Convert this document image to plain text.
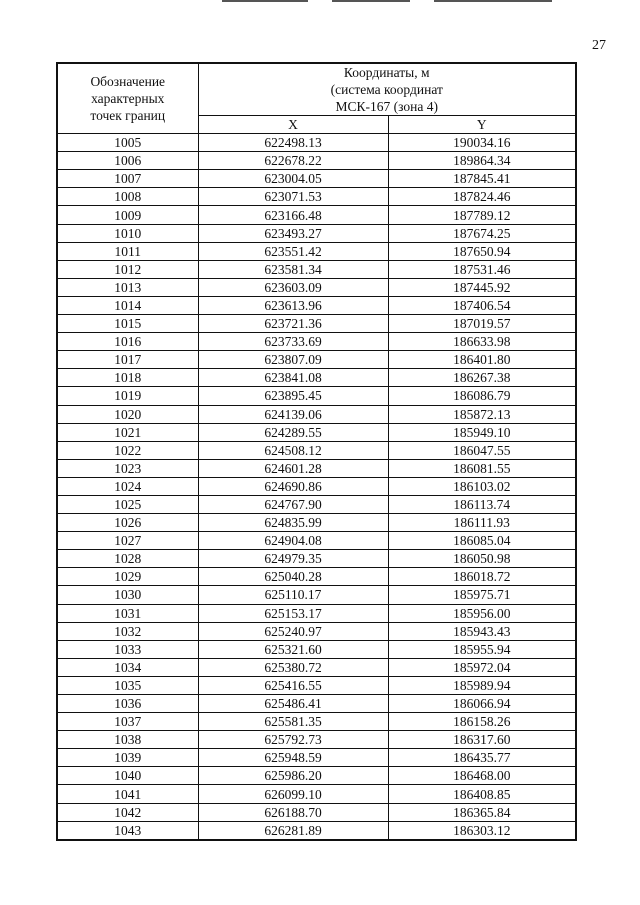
27
Обозначение
характерных
точек границ	Координаты, м
(система координат
МСК-167 (зона 4)	

	X	Y
1005	622498.13	190034.16
1006	622678.22	189864.34
1007	623004.05	187845.41
1008	623071.53	187824.46
1009	623166.48	187789.12
1010	623493.27	187674.25
1011	623551.42	187650.94
1012	623581.34	187531.46
1013	623603.09	187445.92
1014	623613.96	187406.54
1015	623721.36	187019.57
1016	623733.69	186633.98
1017	623807.09	186401.80
1018	623841.08	186267.38
1019	623895.45	186086.79
1020	624139.06	185872.13
1021	624289.55	185949.10
1022	624508.12	186047.55
1023	624601.28	186081.55
1024	624690.86	186103.02
1025	624767.90	186113.74
1026	624835.99	186111.93
1027	624904.08	186085.04
1028	624979.35	186050.98
1029	625040.28	186018.72
1030	625110.17	185975.71
1031	625153.17	185956.00
1032	625240.97	185943.43
1033	625321.60	185955.94
1034	625380.72	185972.04
1035	625416.55	185989.94
1036	625486.41	186066.94
1037	625581.35	186158.26
1038	625792.73	186317.60
1039	625948.59	186435.77
1040	625986.20	186468.00
1041	626099.10	186408.85
1042	626188.70	186365.84
1043	626281.89	186303.12
